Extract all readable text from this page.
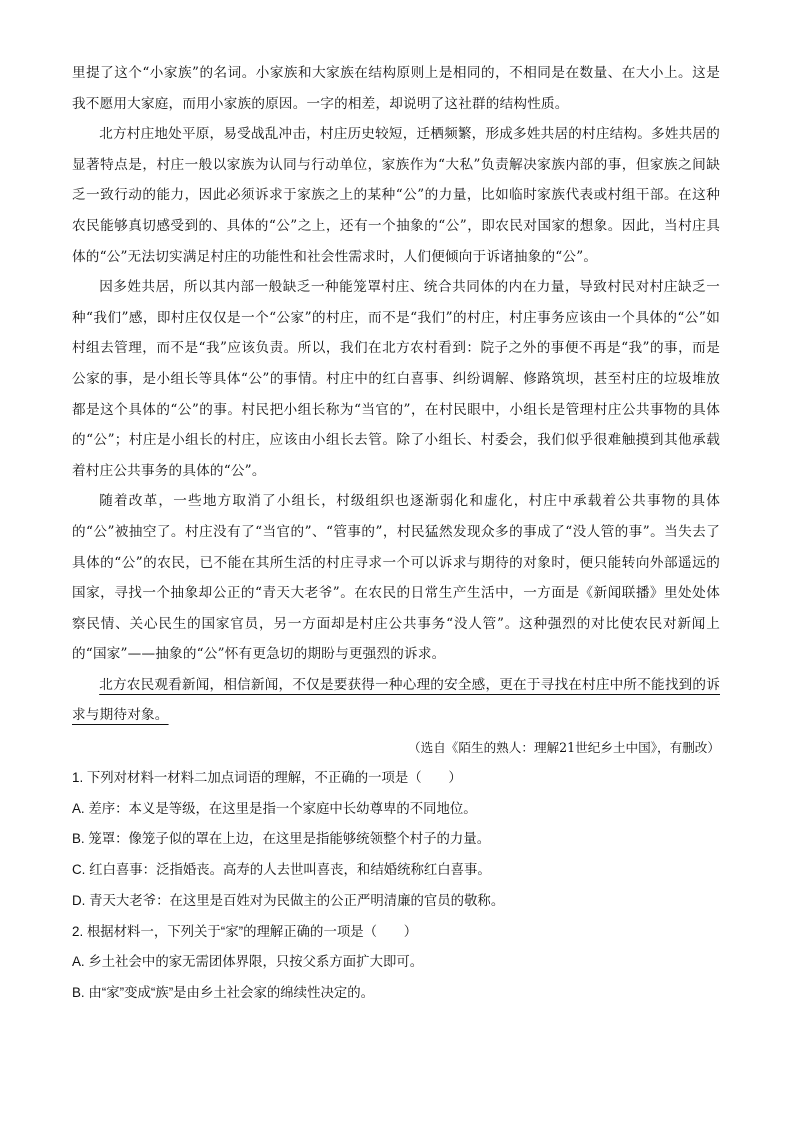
里提了这个“小家族”的名词。小家族和大家族在结构原则上是相同的，不相同是在数量、在大小上。这是我不愿用大家庭，而用小家族的原因。一字的相差，却说明了这社群的结构性质。

北方村庄地处平原，易受战乱冲击，村庄历史较短，迁栖频繁，形成多姓共居的村庄结构。多姓共居的显著特点是，村庄一般以家族为认同与行动单位，家族作为“大私”负责解决家族内部的事，但家族之间缺乏一致行动的能力，因此必须诉求于家族之上的某种“公”的力量，比如临时家族代表或村组干部。在这种农民能够真切感受到的、具体的“公”之上，还有一个抽象的“公”，即农民对国家的想象。因此，当村庄具体的“公”无法切实满足村庄的功能性和社会性需求时，人们便倾向于诉诸抽象的“公”。

因多姓共居，所以其内部一般缺乏一种能笼罩村庄、统合共同体的内在力量，导致村民对村庄缺乏一种“我们”感，即村庄仅仅是一个“公家”的村庄，而不是“我们”的村庄，村庄事务应该由一个具体的“公”如村组去管理，而不是“我”应该负责。所以，我们在北方农村看到：院子之外的事便不再是“我”的事，而是公家的事，是小组长等具体“公”的事情。村庄中的红白喜事、纠纷调解、修路筑坝，甚至村庄的垃圾堆放都是这个具体的“公”的事。村民把小组长称为“当官的”，在村民眼中，小组长是管理村庄公共事物的具体的“公”；村庄是小组长的村庄，应该由小组长去管。除了小组长、村委会，我们似乎很难触摸到其他承载着村庄公共事务的具体的“公”。

随着改革，一些地方取消了小组长，村级组织也逐渐弱化和虚化，村庄中承载着公共事物的具体的“公”被抽空了。村庄没有了“当官的”、“管事的”，村民猛然发现众多的事成了“没人管的事”。当失去了具体的“公”的农民，已不能在其所生活的村庄寻求一个可以诉求与期待的对象时，便只能转向外部遥远的国家，寻找一个抽象却公正的“青天大老爷”。在农民的日常生产生活中，一方面是《新闻联播》里处处体察民情、关心民生的国家官员，另一方面却是村庄公共事务“没人管”。这种强烈的对比使农民对新闻上的“国家”——抽象的“公”怀有更急切的期盼与更强烈的诉求。

北方农民观看新闻，相信新闻，不仅是要获得一种心理的安全感，更在于寻找在村庄中所不能找到的诉求与期待对象。

（选自《陌生的熟人：理解21世纪乡土中国》，有删改）
1. 下列对材料一材料二加点词语的理解，不正确的一项是（　　）
A. 差序：本义是等级，在这里是指一个家庭中长幼尊卑的不同地位。
B. 笼罩：像笼子似的罩在上边，在这里是指能够统领整个村子的力量。
C. 红白喜事：泛指婚丧。高寿的人去世叫喜丧，和结婚统称红白喜事。
D. 青天大老爷：在这里是百姓对为民做主的公正严明清廉的官员的敬称。
2. 根据材料一，下列关于“家”的理解正确的一项是（　　）
A. 乡土社会中的家无需团体界限，只按父系方面扩大即可。
B. 由“家”变成“族”是由乡土社会家的绵续性决定的。
